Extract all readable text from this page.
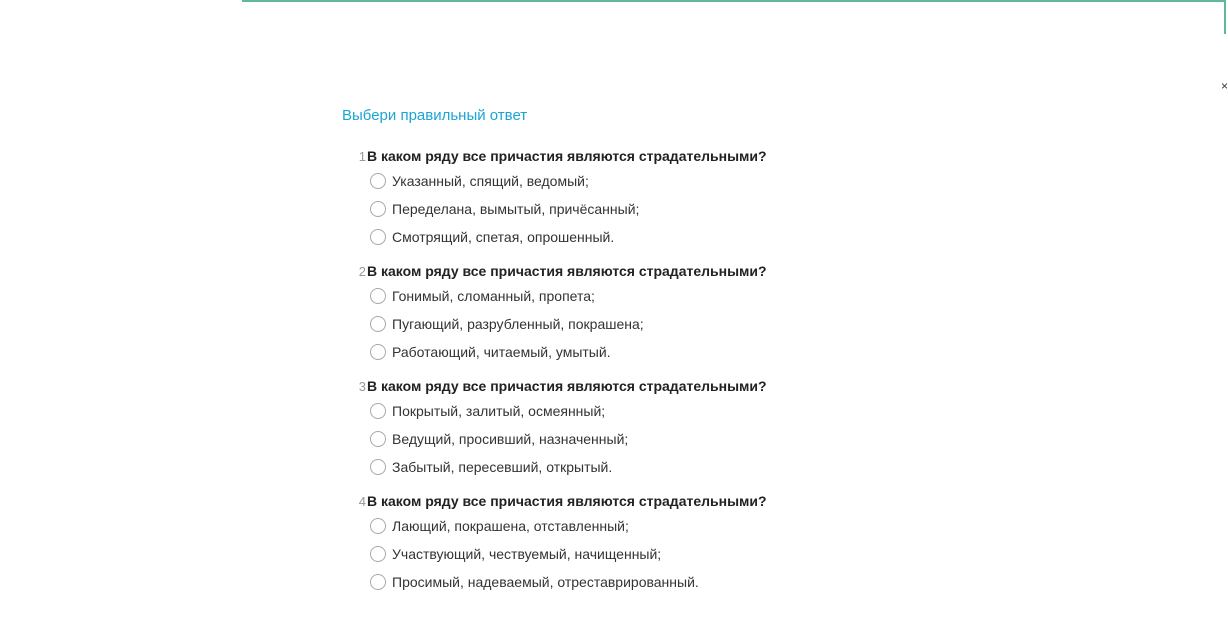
×
Выбери правильный ответ
1 В каком ряду все причастия являются страдательными?
Указанный, спящий, ведомый;
Переделана, вымытый, причёсанный;
Смотрящий, спетая, опрошенный.
2 В каком ряду все причастия являются страдательными?
Гонимый, сломанный, пропета;
Пугающий, разрубленный, покрашена;
Работающий, читаемый, умытый.
3 В каком ряду все причастия являются страдательными?
Покрытый, залитый, осмеянный;
Ведущий, просивший, назначенный;
Забытый, пересевший, открытый.
4 В каком ряду все причастия являются страдательными?
Лающий, покрашена, отставленный;
Участвующий, чествуемый, начищенный;
Просимый, надеваемый, отреставрированный.
